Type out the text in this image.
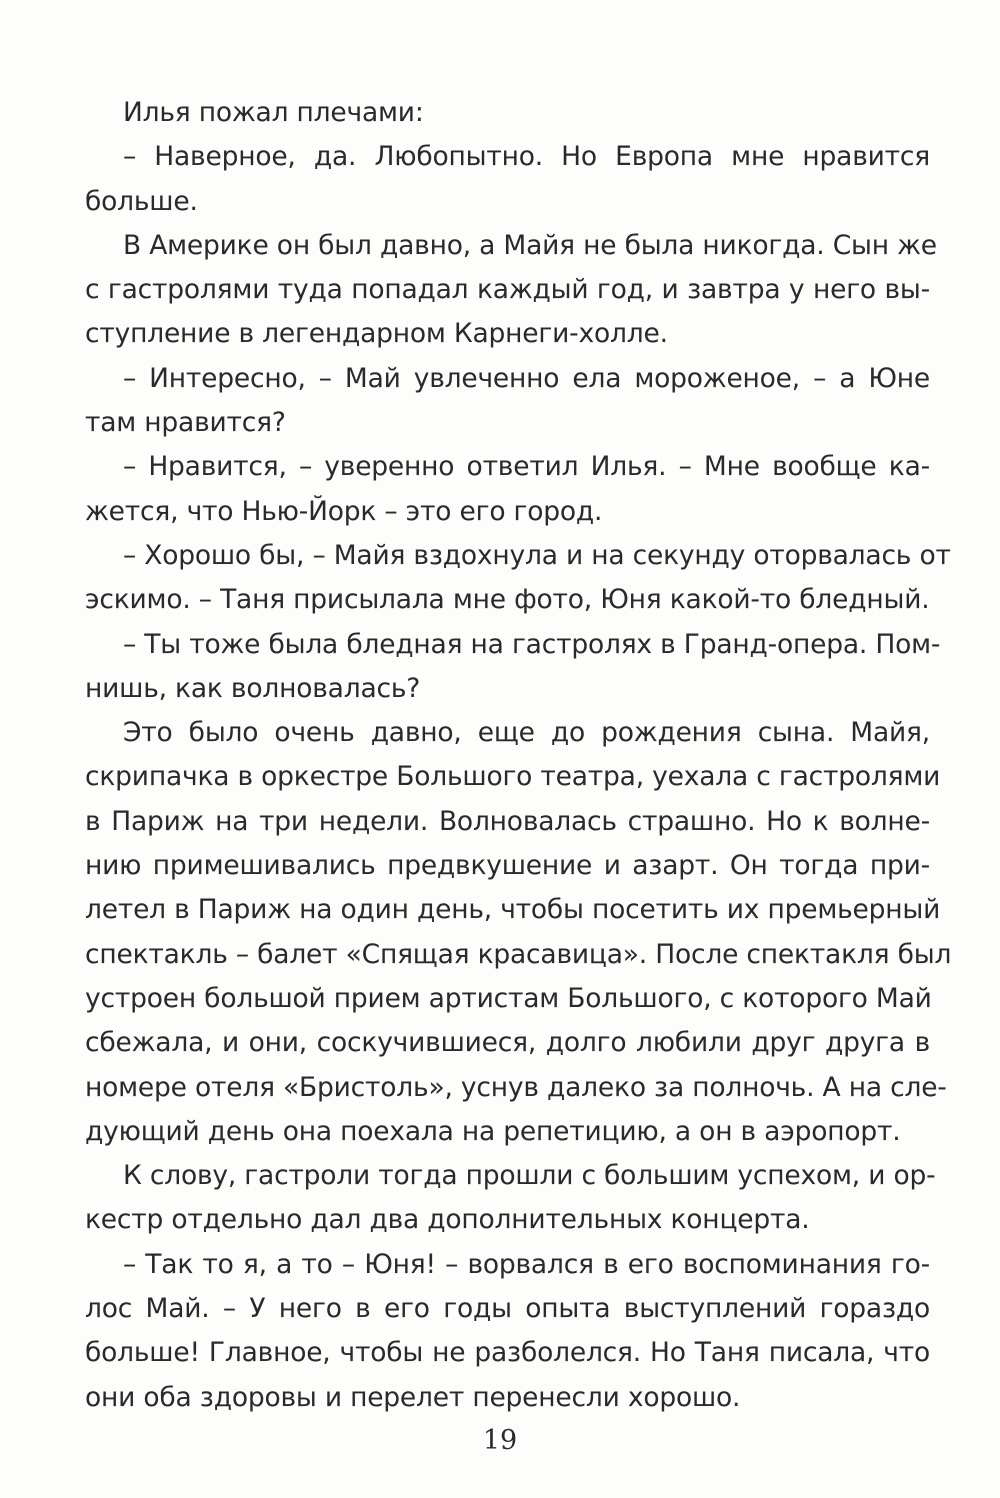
Илья пожал плечами:
– Наверное, да. Любопытно. Но Европа мне нравится
больше.
В Америке он был давно, а Майя не была никогда. Сын же
с гастролями туда попадал каждый год, и завтра у него вы-
ступление в легендарном Карнеги-холле.
– Интересно, – Май увлеченно ела мороженое, – а Юне
там нравится?
– Нравится, – уверенно ответил Илья. – Мне вообще ка-
жется, что Нью-Йорк – это его город.
– Хорошо бы, – Майя вздохнула и на секунду оторвалась от
эскимо. – Таня присылала мне фото, Юня какой-то бледный.
– Ты тоже была бледная на гастролях в Гранд-опера. Пом-
нишь, как волновалась?
Это было очень давно, еще до рождения сына. Майя,
скрипачка в оркестре Большого театра, уехала с гастролями
в Париж на три недели. Волновалась страшно. Но к волне-
нию примешивались предвкушение и азарт. Он тогда при-
летел в Париж на один день, чтобы посетить их премьерный
спектакль – балет «Спящая красавица». После спектакля был
устроен большой прием артистам Большого, с которого Май
сбежала, и они, соскучившиеся, долго любили друг друга в
номере отеля «Бристоль», уснув далеко за полночь. А на сле-
дующий день она поехала на репетицию, а он в аэропорт.
К слову, гастроли тогда прошли с большим успехом, и ор-
кестр отдельно дал два дополнительных концерта.
– Так то я, а то – Юня! – ворвался в его воспоминания го-
лос Май. – У него в его годы опыта выступлений гораздо
больше! Главное, чтобы не разболелся. Но Таня писала, что
они оба здоровы и перелет перенесли хорошо.
19
